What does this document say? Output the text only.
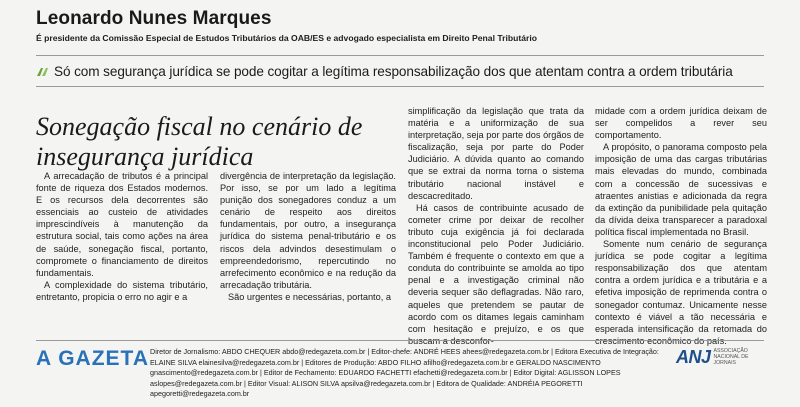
Leonardo Nunes Marques
É presidente da Comissão Especial de Estudos Tributários da OAB/ES e advogado especialista em Direito Penal Tributário
Só com segurança jurídica se pode cogitar a legítima responsabilização dos que atentam contra a ordem tributária
Sonegação fiscal no cenário de insegurança jurídica

A arrecadação de tributos é a principal fonte de riqueza dos Estados modernos. E os recursos dela decorrentes são essenciais ao custeio de atividades imprescindíveis à manutenção da estrutura social, tais como ações na área de saúde, sonegação fiscal, portanto, compromete o financiamento de direitos fundamentais.

A complexidade do sistema tributário, entretanto, propicia o erro no agir e a

divergência de interpretação da legislação. Por isso, se por um lado a legítima punição dos sonegadores conduz a um cenário de respeito aos direitos fundamentais, por outro, a insegurança jurídica do sistema penal-tributário e os riscos dela advindos desestimulam o empreendedorismo, repercutindo no arrefecimento econômico e na redução da arrecadação tributária.

São urgentes e necessárias, portanto, a

simplificação da legislação que trata da matéria e a uniformização de sua interpretação, seja por parte dos órgãos de fiscalização, seja por parte do Poder Judiciário. A dúvida quanto ao comando que se extrai da norma torna o sistema tributário nacional instável e descacreditado.

Há casos de contribuinte acusado de cometer crime por deixar de recolher tributo cuja exigência já foi declarada inconstitucional pelo Poder Judiciário. Também é frequente o contexto em que a conduta do contribuinte se amolda ao tipo penal e a investigação criminal não deveria sequer são deflagradas. Não raro, aqueles que pretendem se pautar de acordo com os ditames legais caminham com hesitação e prejuízo, e os que

midade com a ordem jurídica deixam de ser compelidos a rever seu comportamento.

A propósito, o panorama composto pela imposição de uma das cargas tributárias mais elevadas do mundo, combinada com a concessão de sucessivas e atraentes anistias e adicionada da regra da extinção da punibilidade pela quitação da dívida deixa transparecer a paradoxal política fiscal implementada no Brasil.

Somente num cenário de segurança jurídica se pode cogitar a legítima responsabilização dos que atentam contra a ordem jurídica e a tributária e a efetiva imposição de reprimenda contra o sonegador contumaz. Unicamente nesse contexto é viável a tão necessária e esperada intensificação da retomada do

A GAZETA Diretor de Jornalismo: ABDO CHEQUER abdo@redegazeta.com.br | Editor-chefe: ANDRÉ HEES ahees@redegazeta.com.br | Editora Executiva de Integração: ELAINE SILVA elainesilva@redegazeta.com.br | Editores de Produção: ABDO FILHO afilho@redegazeta.com.br e GERALDO NASCIMENTO gnascimento@redegazeta.com.br | Editor de Fechamento: EDUARDO FACHETTI efachetti@redegazeta.com.br | Editor Digital: AGLISSON LOPES aslopes@redegazeta.com.br | Editor Visual: ALISON SILVA apsilva@redegazeta.com.br | Editora de Qualidade: ANDRÉIA PEGORETTI apegoretti@redegazeta.com.br
ANJ ASSOCIAÇÃO NACIONAL DE JORNAIS
